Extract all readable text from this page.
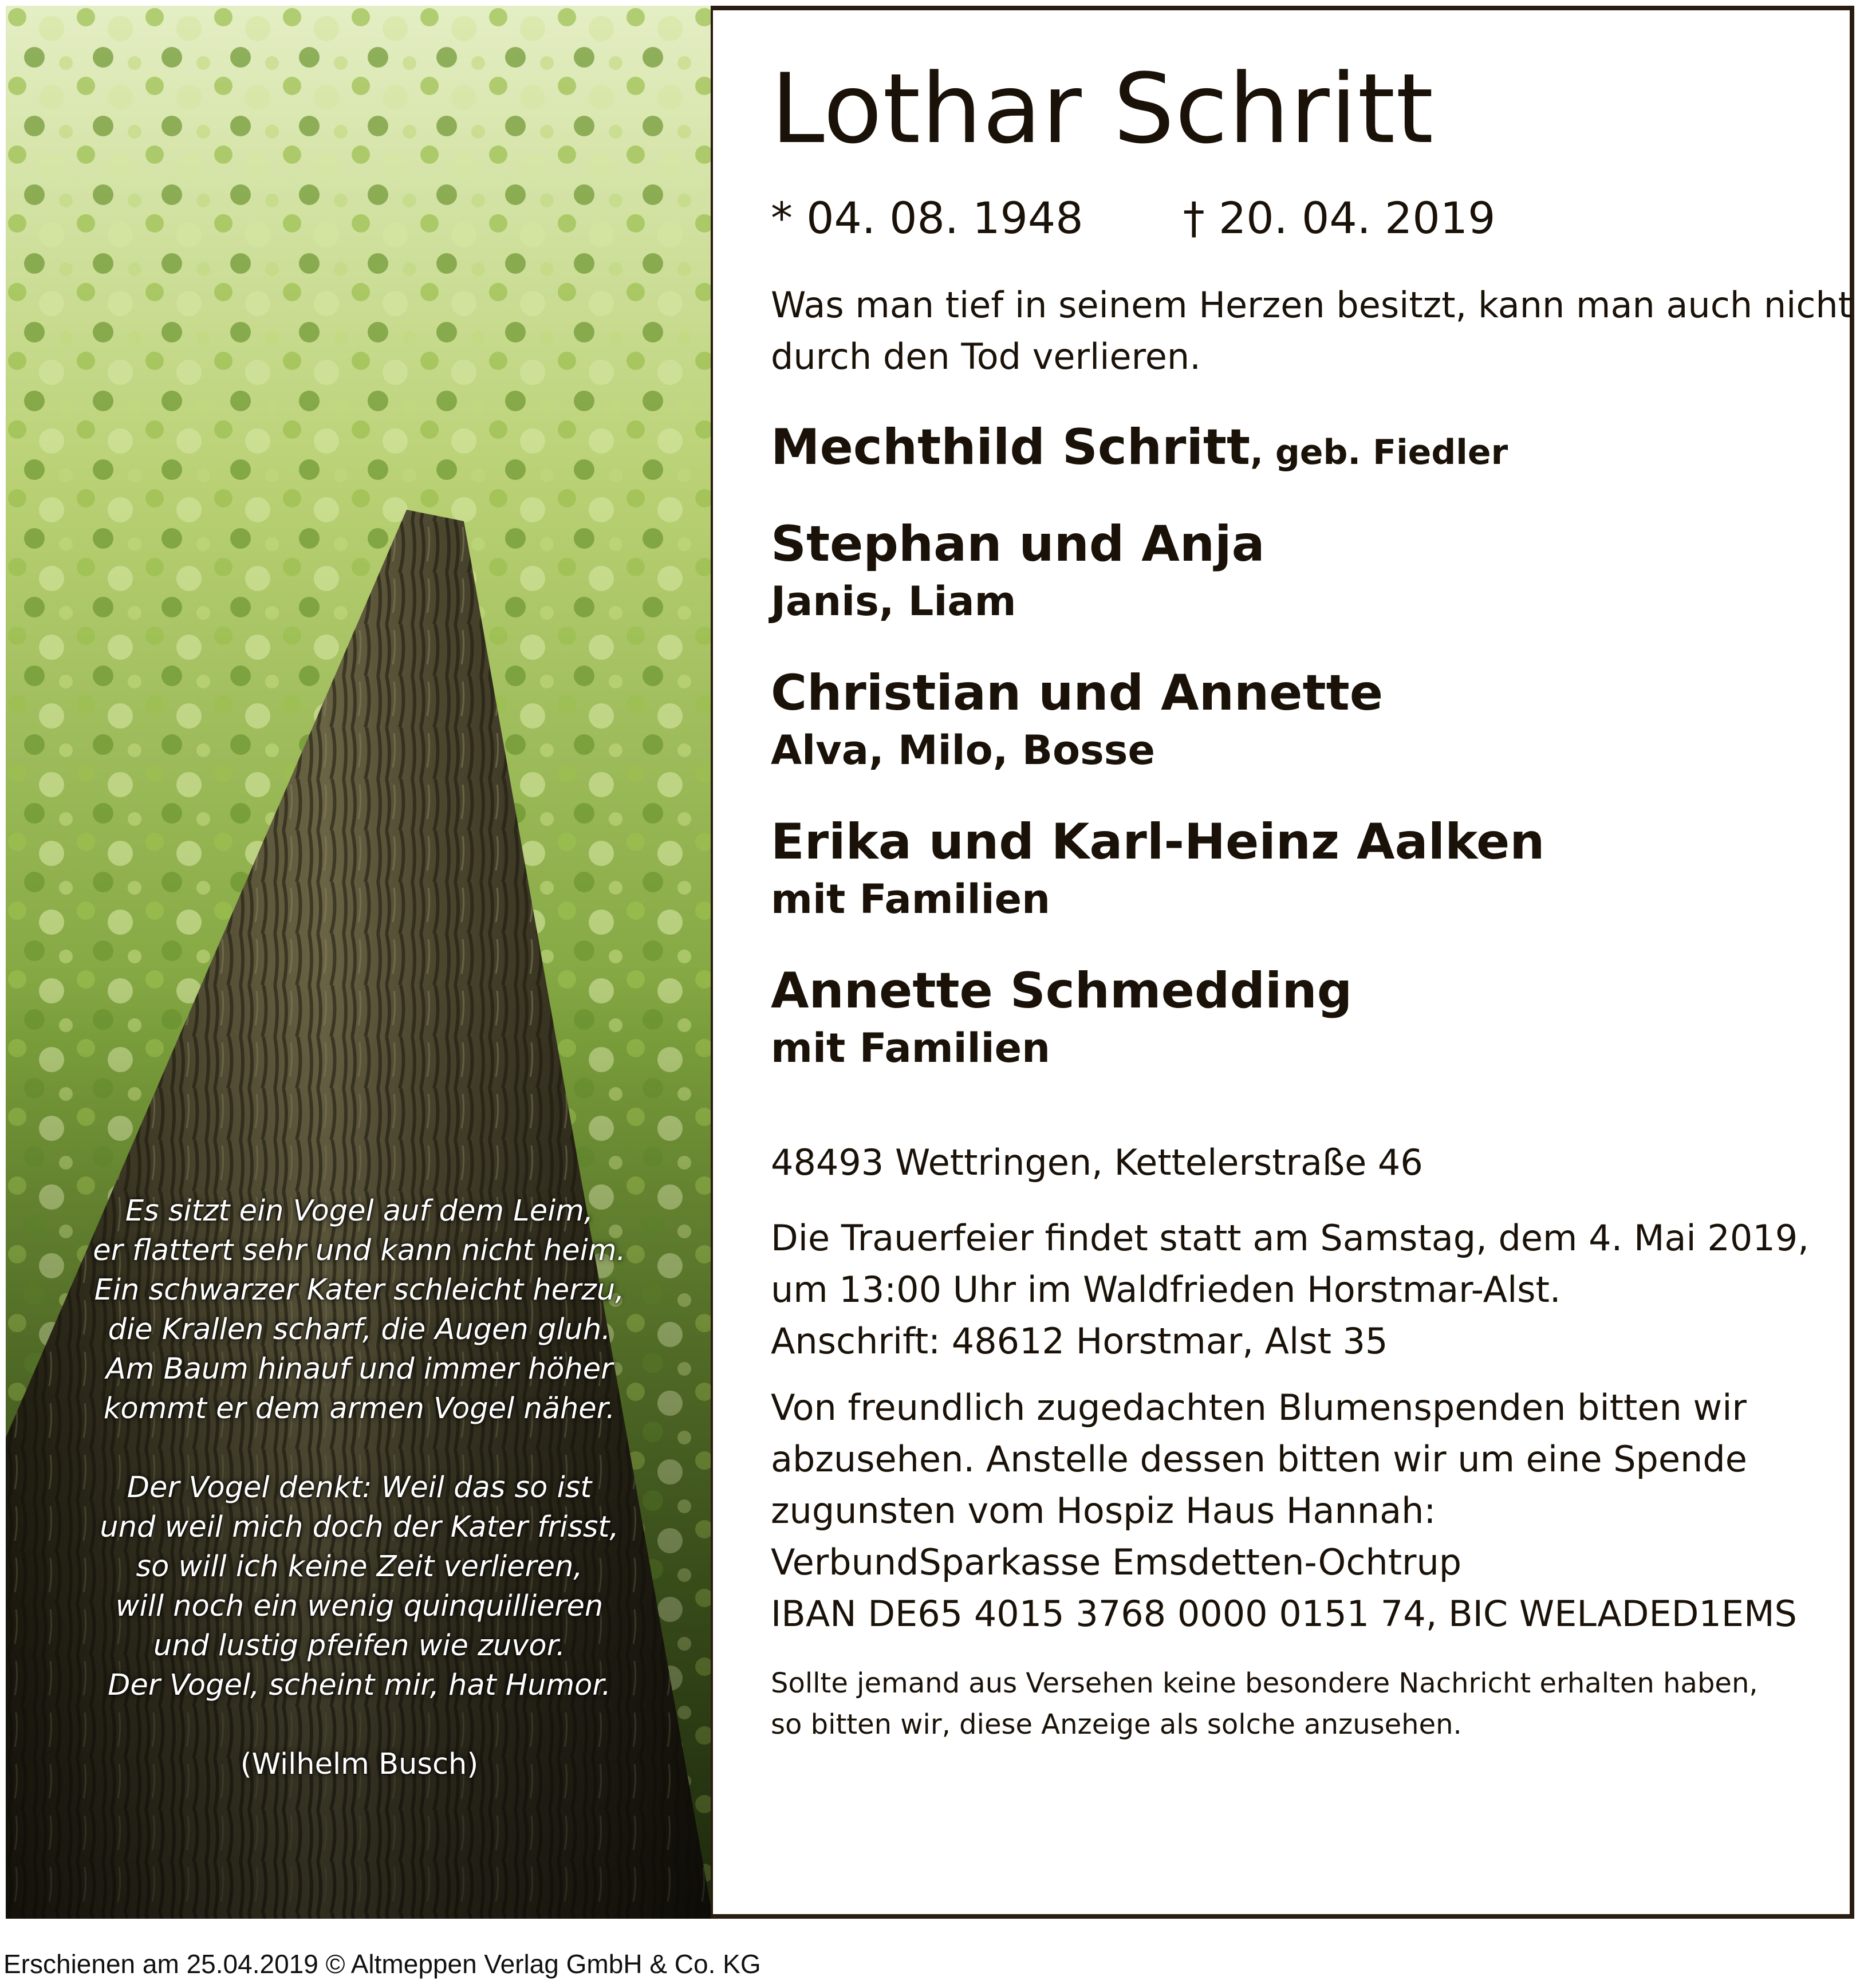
Es sitzt ein Vogel auf dem Leim,
er flattert sehr und kann nicht heim.
Ein schwarzer Kater schleicht herzu,
die Krallen scharf, die Augen gluh.
Am Baum hinauf und immer höher
kommt er dem armen Vogel näher.
Der Vogel denkt: Weil das so ist
und weil mich doch der Kater frisst,
so will ich keine Zeit verlieren,
will noch ein wenig quinquillieren
und lustig pfeifen wie zuvor.
Der Vogel, scheint mir, hat Humor.
(Wilhelm Busch)
Lothar Schritt
* 04. 08. 1948 † 20. 04. 2019
Was man tief in seinem Herzen besitzt, kann man auch nicht
durch den Tod verlieren.
Mechthild Schritt, geb. Fiedler
Stephan und Anja
Janis, Liam
Christian und Annette
Alva, Milo, Bosse
Erika und Karl-Heinz Aalken
mit Familien
Annette Schmedding
mit Familien
48493 Wettringen, Kettelerstraße 46
Die Trauerfeier findet statt am Samstag, dem 4. Mai 2019,
um 13:00 Uhr im Waldfrieden Horstmar-Alst.
Anschrift: 48612 Horstmar, Alst 35
Von freundlich zugedachten Blumenspenden bitten wir
abzusehen. Anstelle dessen bitten wir um eine Spende
zugunsten vom Hospiz Haus Hannah:
VerbundSparkasse Emsdetten-Ochtrup
IBAN DE65 4015 3768 0000 0151 74, BIC WELADED1EMS
Sollte jemand aus Versehen keine besondere Nachricht erhalten haben,
so bitten wir, diese Anzeige als solche anzusehen.
Erschienen am 25.04.2019 © Altmeppen Verlag GmbH & Co. KG
